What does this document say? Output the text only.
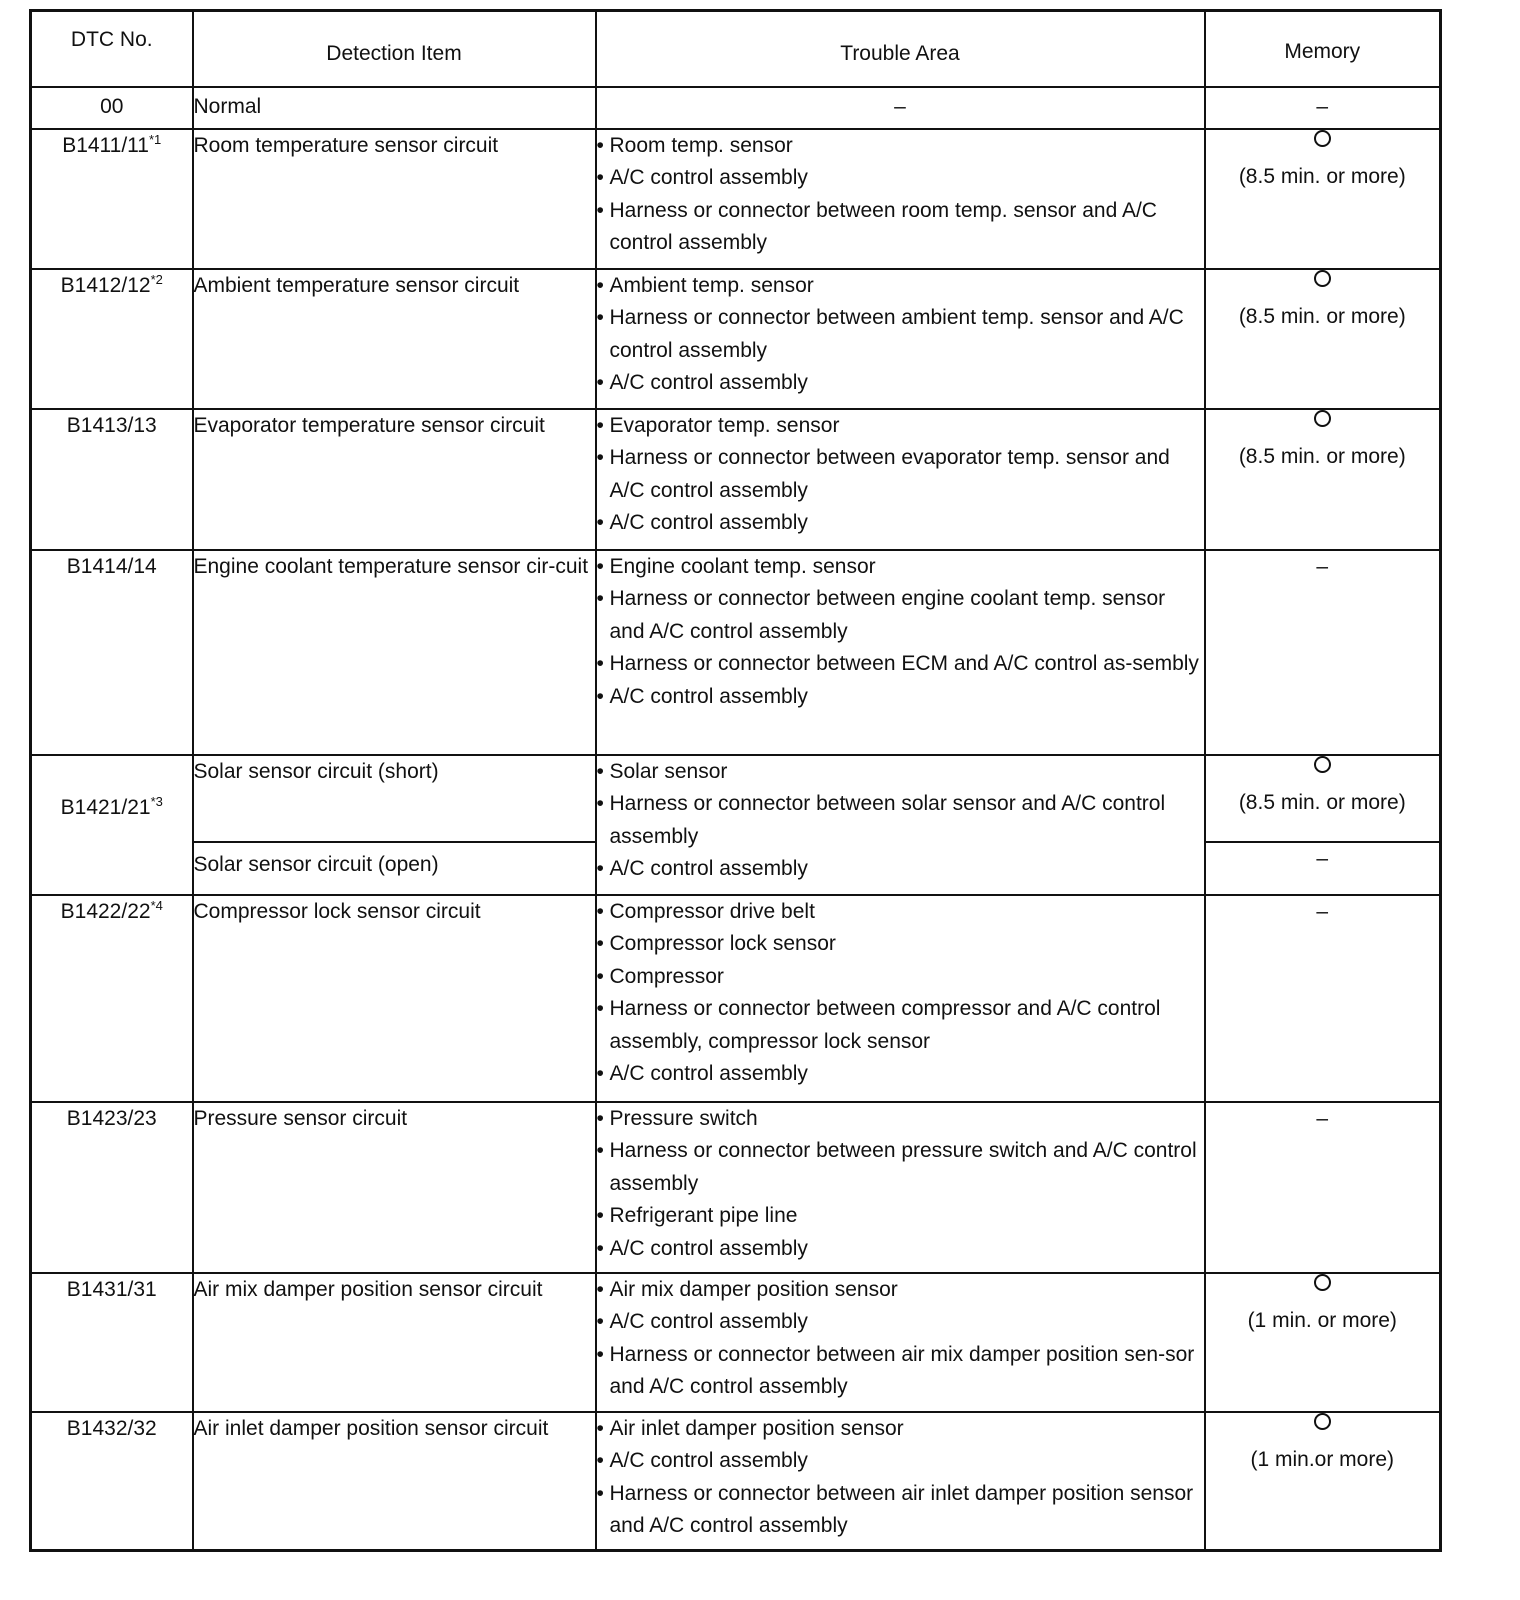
DTC No.	Detection Item	Trouble Area	Memory

00	Normal	–	–
B1411/11$^{*1}$	Room temperature sensor circuit	• Room temp. sensor
• A/C control assembly
• Harness or connector between room temp. sensor and A/C control assembly	(8.5 min. or more)
B1412/12$^{*2}$	Ambient temperature sensor circuit	• Ambient temp. sensor
• Harness or connector between ambient temp. sensor and A/C control assembly
• A/C control assembly	(8.5 min. or more)
B1413/13	Evaporator temperature sensor circuit	• Evaporator temp. sensor
• Harness or connector between evaporator temp. sensor and A/C control assembly
• A/C control assembly	(8.5 min. or more)
B1414/14	Engine coolant temperature sensor cir-cuit	• Engine coolant temp. sensor
• Harness or connector between engine coolant temp. sensor and A/C control assembly
• Harness or connector between ECM and A/C control as-sembly
• A/C control assembly	–
B1421/21$^{*3}$	Solar sensor circuit (short)	• Solar sensor
• Harness or connector between solar sensor and A/C control assembly
• A/C control assembly	(8.5 min. or more)
	Solar sensor circuit (open)		–
B1422/22$^{*4}$	Compressor lock sensor circuit	• Compressor drive belt
• Compressor lock sensor
• Compressor
• Harness or connector between compressor and A/C control assembly, compressor lock sensor
• A/C control assembly	–
B1423/23	Pressure sensor circuit	• Pressure switch
• Harness or connector between pressure switch and A/C control assembly
• Refrigerant pipe line
• A/C control assembly	–
B1431/31	Air mix damper position sensor circuit	• Air mix damper position sensor
• A/C control assembly
• Harness or connector between air mix damper position sen-sor and A/C control assembly	(1 min. or more)
B1432/32	Air inlet damper position sensor circuit	• Air inlet damper position sensor
• A/C control assembly
• Harness or connector between air inlet damper position sensor and A/C control assembly	(1 min.or more)
